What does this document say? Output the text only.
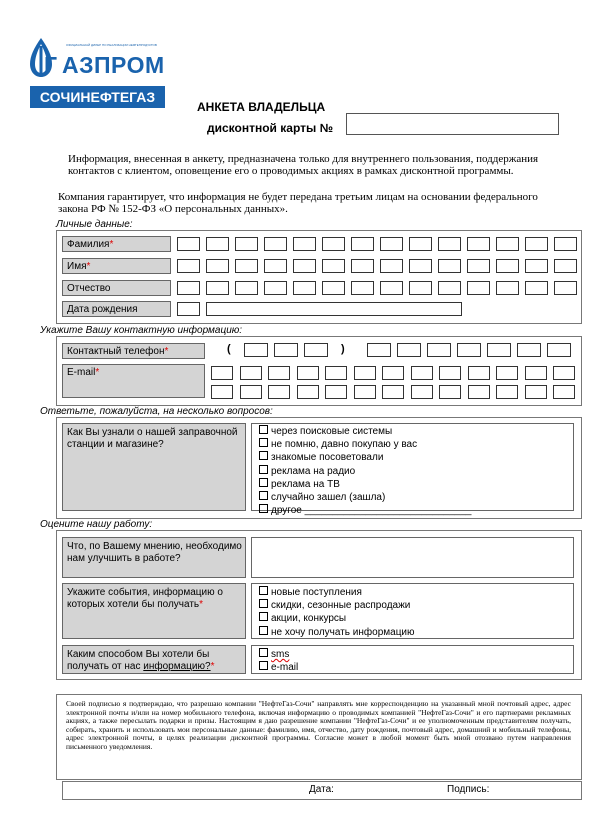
Г АЗПРОМ
ОФИЦИАЛЬНЫЙ ДИЛЕР ПО РЕАЛИЗАЦИИ НЕФТЕПРОДУКТОВ
СОЧИНЕФТЕГАЗ
АНКЕТА ВЛАДЕЛЬЦА
дисконтной карты №
Информация, внесенная в анкету, предназначена только для внутреннего пользования, поддержания контактов с клиентом, оповещение его о проводимых акциях в рамках дисконтной программы.
Компания гарантирует, что информация не будет передана третьим лицам на основании федерального закона РФ № 152-ФЗ «О персональных данных».
Личные данные:
Фамилия*
Имя*
Отчество
Дата рождения
Укажите Вашу контактную информацию:
Контактный телефон*	(	)
E-mail*
Ответьте, пожалуйста, на несколько вопросов:
Как Вы узнали о нашей заправочной станции и магазине?
через поисковые системы
не помню, давно покупаю у вас
знакомые посоветовали
реклама на радио
реклама на ТВ
случайно зашел (зашла)
другое ______________________________
Оцените нашу работу:
Что, по Вашему мнению, необходимо нам улучшить в работе?
Укажите события, информацию о которых хотели бы получать*
новые поступления
скидки, сезонные распродажи
акции, конкурсы
не хочу получать информацию
Каким способом Вы хотели бы получать от нас информацию?*
sms
e-mail
Своей подписью я подтверждаю, что разрешаю компании "НефтеГаз-Сочи" направлять мне корреспонденцию на указанный мной почтовый адрес, адрес электронной почты и/или на номер мобильного телефона, включая информацию о проводимых компанией "НефтеГаз-Сочи" и его партнерами рекламных акциях, а также пересылать подарки и призы. Настоящим я даю разрешение компании "НефтеГаз-Сочи" и ее уполномоченным представителям получать, собирать, хранить и использовать мои персональные данные: фамилию, имя, отчество, дату рождения, почтовый адрес, домашний и мобильный телефоны, адрес электронной почты, в целях реализации дисконтной программы. Согласие может в любой момент быть мной отозвано путем направления письменного уведомления.
Дата:	Подпись:
